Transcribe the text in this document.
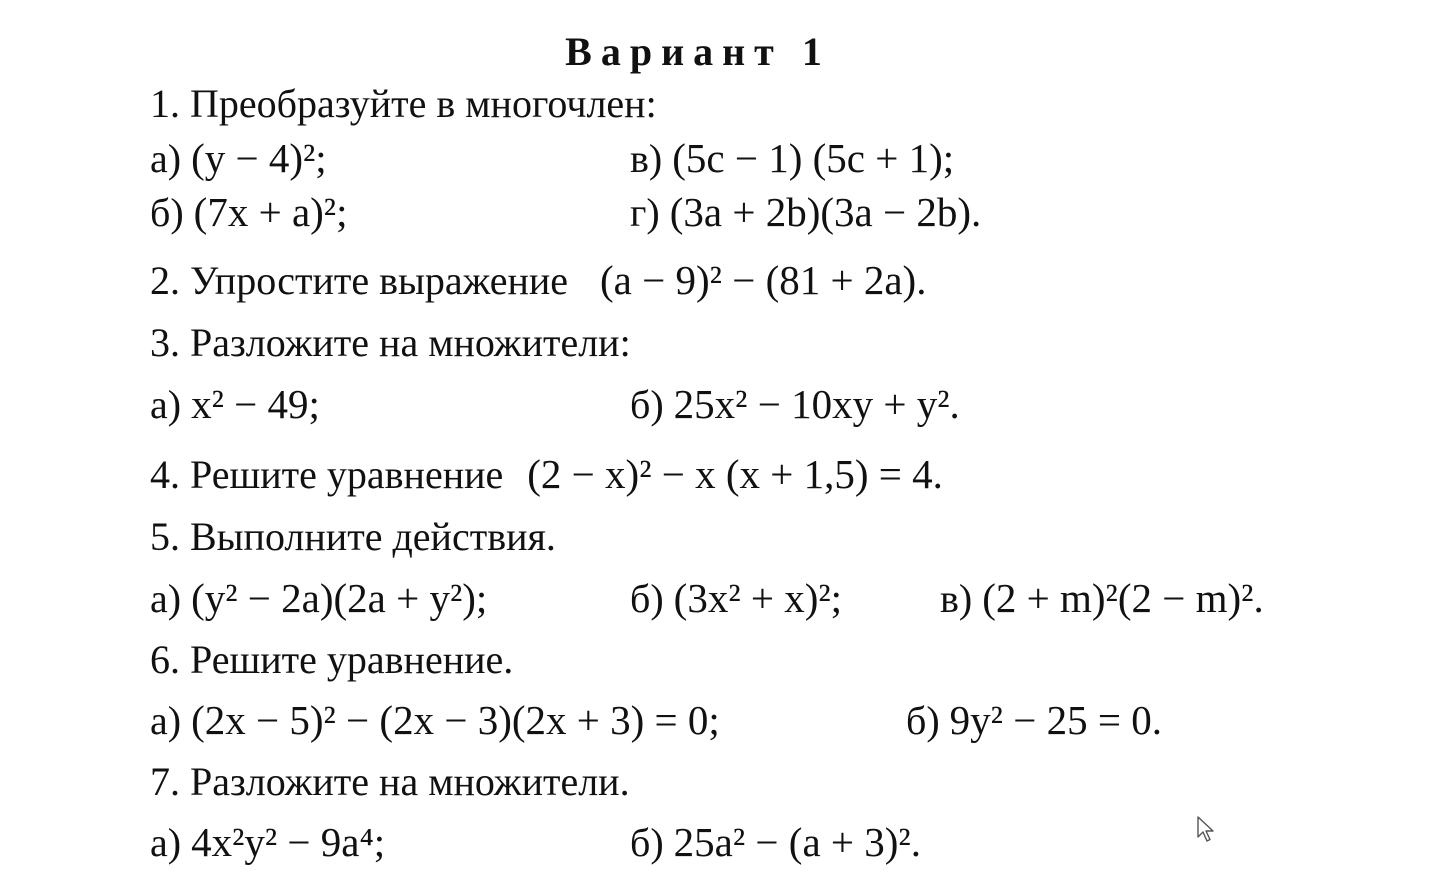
Вариант 1
1. Преобразуйте в многочлен:
а) (y − 4)²;	в) (5c − 1) (5c + 1);
б) (7x + a)²;	г) (3a + 2b)(3a − 2b).
2. Упростите выражение (a − 9)² − (81 + 2a).
3. Разложите на множители:
а) x² − 49;	б) 25x² − 10xy + y².
4. Решите уравнение (2 − x)² − x (x + 1,5) = 4.
5. Выполните действия.
а) (y² − 2a)(2a + y²);	б) (3x² + x)²; в) (2 + m)²(2 − m)².
6. Решите уравнение.
а) (2x − 5)² − (2x − 3)(2x + 3) = 0;	б) 9y² − 25 = 0.
7. Разложите на множители.
а) 4x²y² − 9a⁴;	б) 25a² − (a + 3)².
